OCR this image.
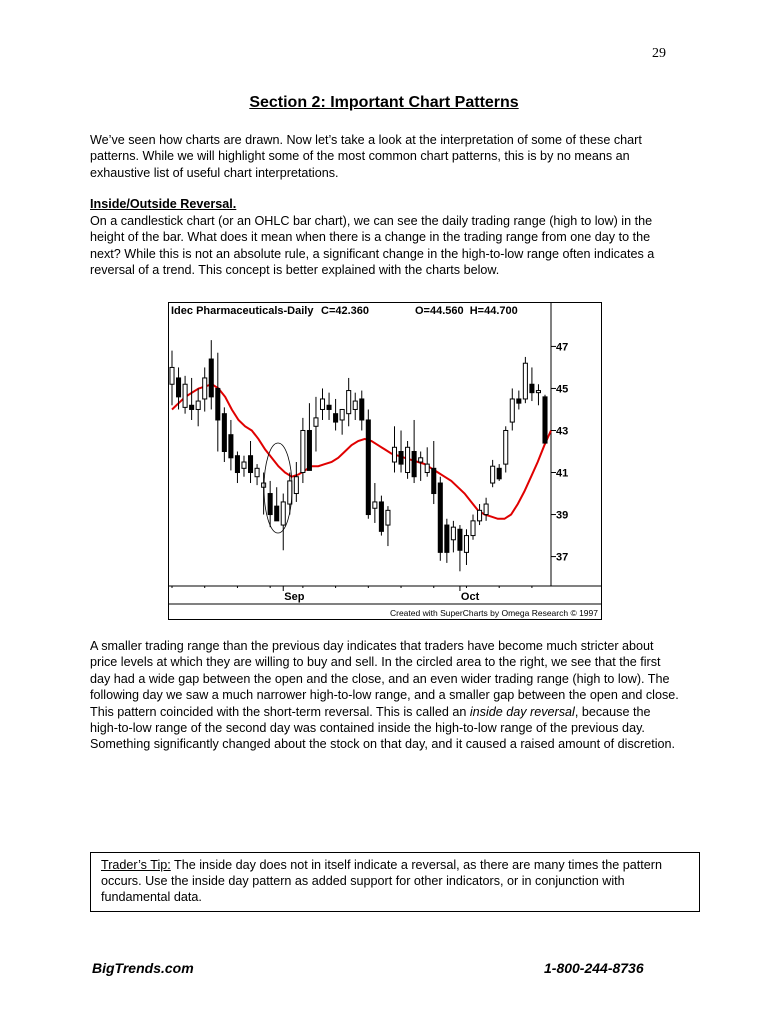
29
Section 2: Important Chart Patterns
We’ve seen how charts are drawn. Now let’s take a look at the interpretation of some of these chart patterns. While we will highlight some of the most common chart patterns, this is by no means an exhaustive list of useful chart interpretations.
Inside/Outside Reversal.
On a candlestick chart (or an OHLC bar chart), we can see the daily trading range (high to low) in the height of the bar. What does it mean when there is a change in the trading range from one day to the next? While this is not an absolute rule, a significant change in the high-to-low range often indicates a reversal of a trend. This concept is better explained with the charts below.
Idec Pharmaceuticals-Daily C=42.360	O=44.560  H=44.700
Created with SuperCharts by Omega Research © 1997
47
45
43
41
39
37
Sep	Oct
A smaller trading range than the previous day indicates that traders have become much stricter about price levels at which they are willing to buy and sell. In the circled area to the right, we see that the first day had a wide gap between the open and the close, and an even wider trading range (high to low). The following day we saw a much narrower high-to-low range, and a smaller gap between the open and close. This pattern coincided with the short-term reversal. This is called an inside day reversal, because the high-to-low range of the second day was contained inside the high-to-low range of the previous day. Something significantly changed about the stock on that day, and it caused a raised amount of discretion.
Trader’s Tip: The inside day does not in itself indicate a reversal, as there are many times the pattern occurs. Use the inside day pattern as added support for other indicators, or in conjunction with fundamental data.
BigTrends.com	1-800-244-8736
